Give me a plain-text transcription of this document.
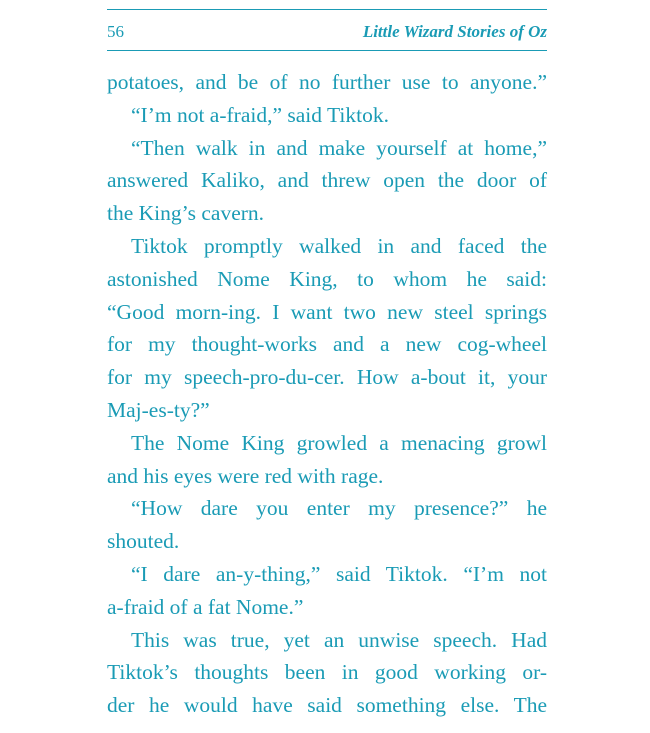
56	Little Wizard Stories of Oz
potatoes, and be of no further use to anyone.”
“I’m not a-fraid,” said Tiktok.
“Then walk in and make yourself at home,”
answered Kaliko, and threw open the door of
the King’s cavern.
Tiktok promptly walked in and faced the
astonished Nome King, to whom he said:
“Good morn-ing. I want two new steel springs
for my thought-works and a new cog-wheel
for my speech-pro-du-cer. How a-bout it, your
Maj-es-ty?”
The Nome King growled a menacing growl
and his eyes were red with rage.
“How dare you enter my presence?” he
shouted.
“I dare an-y-thing,” said Tiktok. “I’m not
a-fraid of a fat Nome.”
This was true, yet an unwise speech. Had
Tiktok’s thoughts been in good working or-
der he would have said something else. The
